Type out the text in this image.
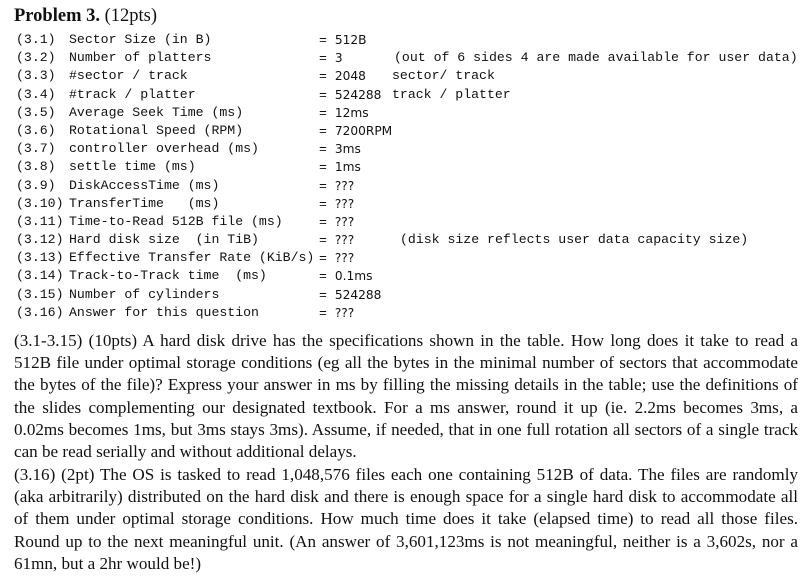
Problem 3. (12pts)
(3.1) Sector Size (in B)	= 512B
(3.2) Number of platters	= 3	(out of 6 sides 4 are made available for user data)
(3.3) #sector / track	= 2048 sector/ track
(3.4) #track / platter	= 524288 track / platter
(3.5) Average Seek Time (ms)	= 12ms
(3.6) Rotational Speed (RPM)	= 7200RPM
(3.7) controller overhead (ms)	= 3ms
(3.8) settle time (ms)	= 1ms
(3.9) DiskAccessTime (ms)	= ???
(3.10) TransferTime   (ms)	= ???
(3.11) Time-to-Read 512B file (ms)	= ???
(3.12) Hard disk size  (in TiB)	= ???	(disk size reflects user data capacity size)
(3.13) Effective Transfer Rate (KiB/s) = ???
(3.14) Track-to-Track time  (ms)	= 0.1ms
(3.15) Number of cylinders	= 524288
(3.16) Answer for this question	= ???
(3.1-3.15) (10pts) A hard disk drive has the specifications shown in the table. How long does it take to read a 512B file under optimal storage conditions (eg all the bytes in the minimal number of sectors that accommodate the bytes of the file)? Express your answer in ms by filling the missing details in the table; use the definitions of the slides complementing our designated textbook. For a ms answer, round it up (ie. 2.2ms becomes 3ms, a 0.02ms becomes 1ms, but 3ms stays 3ms). Assume, if needed, that in one full rotation all sectors of a single track can be read serially and without additional delays.
(3.16) (2pt) The OS is tasked to read 1,048,576 files each one containing 512B of data. The files are randomly (aka arbitrarily) distributed on the hard disk and there is enough space for a single hard disk to accommodate all of them under optimal storage conditions. How much time does it take (elapsed time) to read all those files. Round up to the next meaningful unit. (An answer of 3,601,123ms is not meaningful, neither is a 3,602s, nor a 61mn, but a 2hr would be!)
